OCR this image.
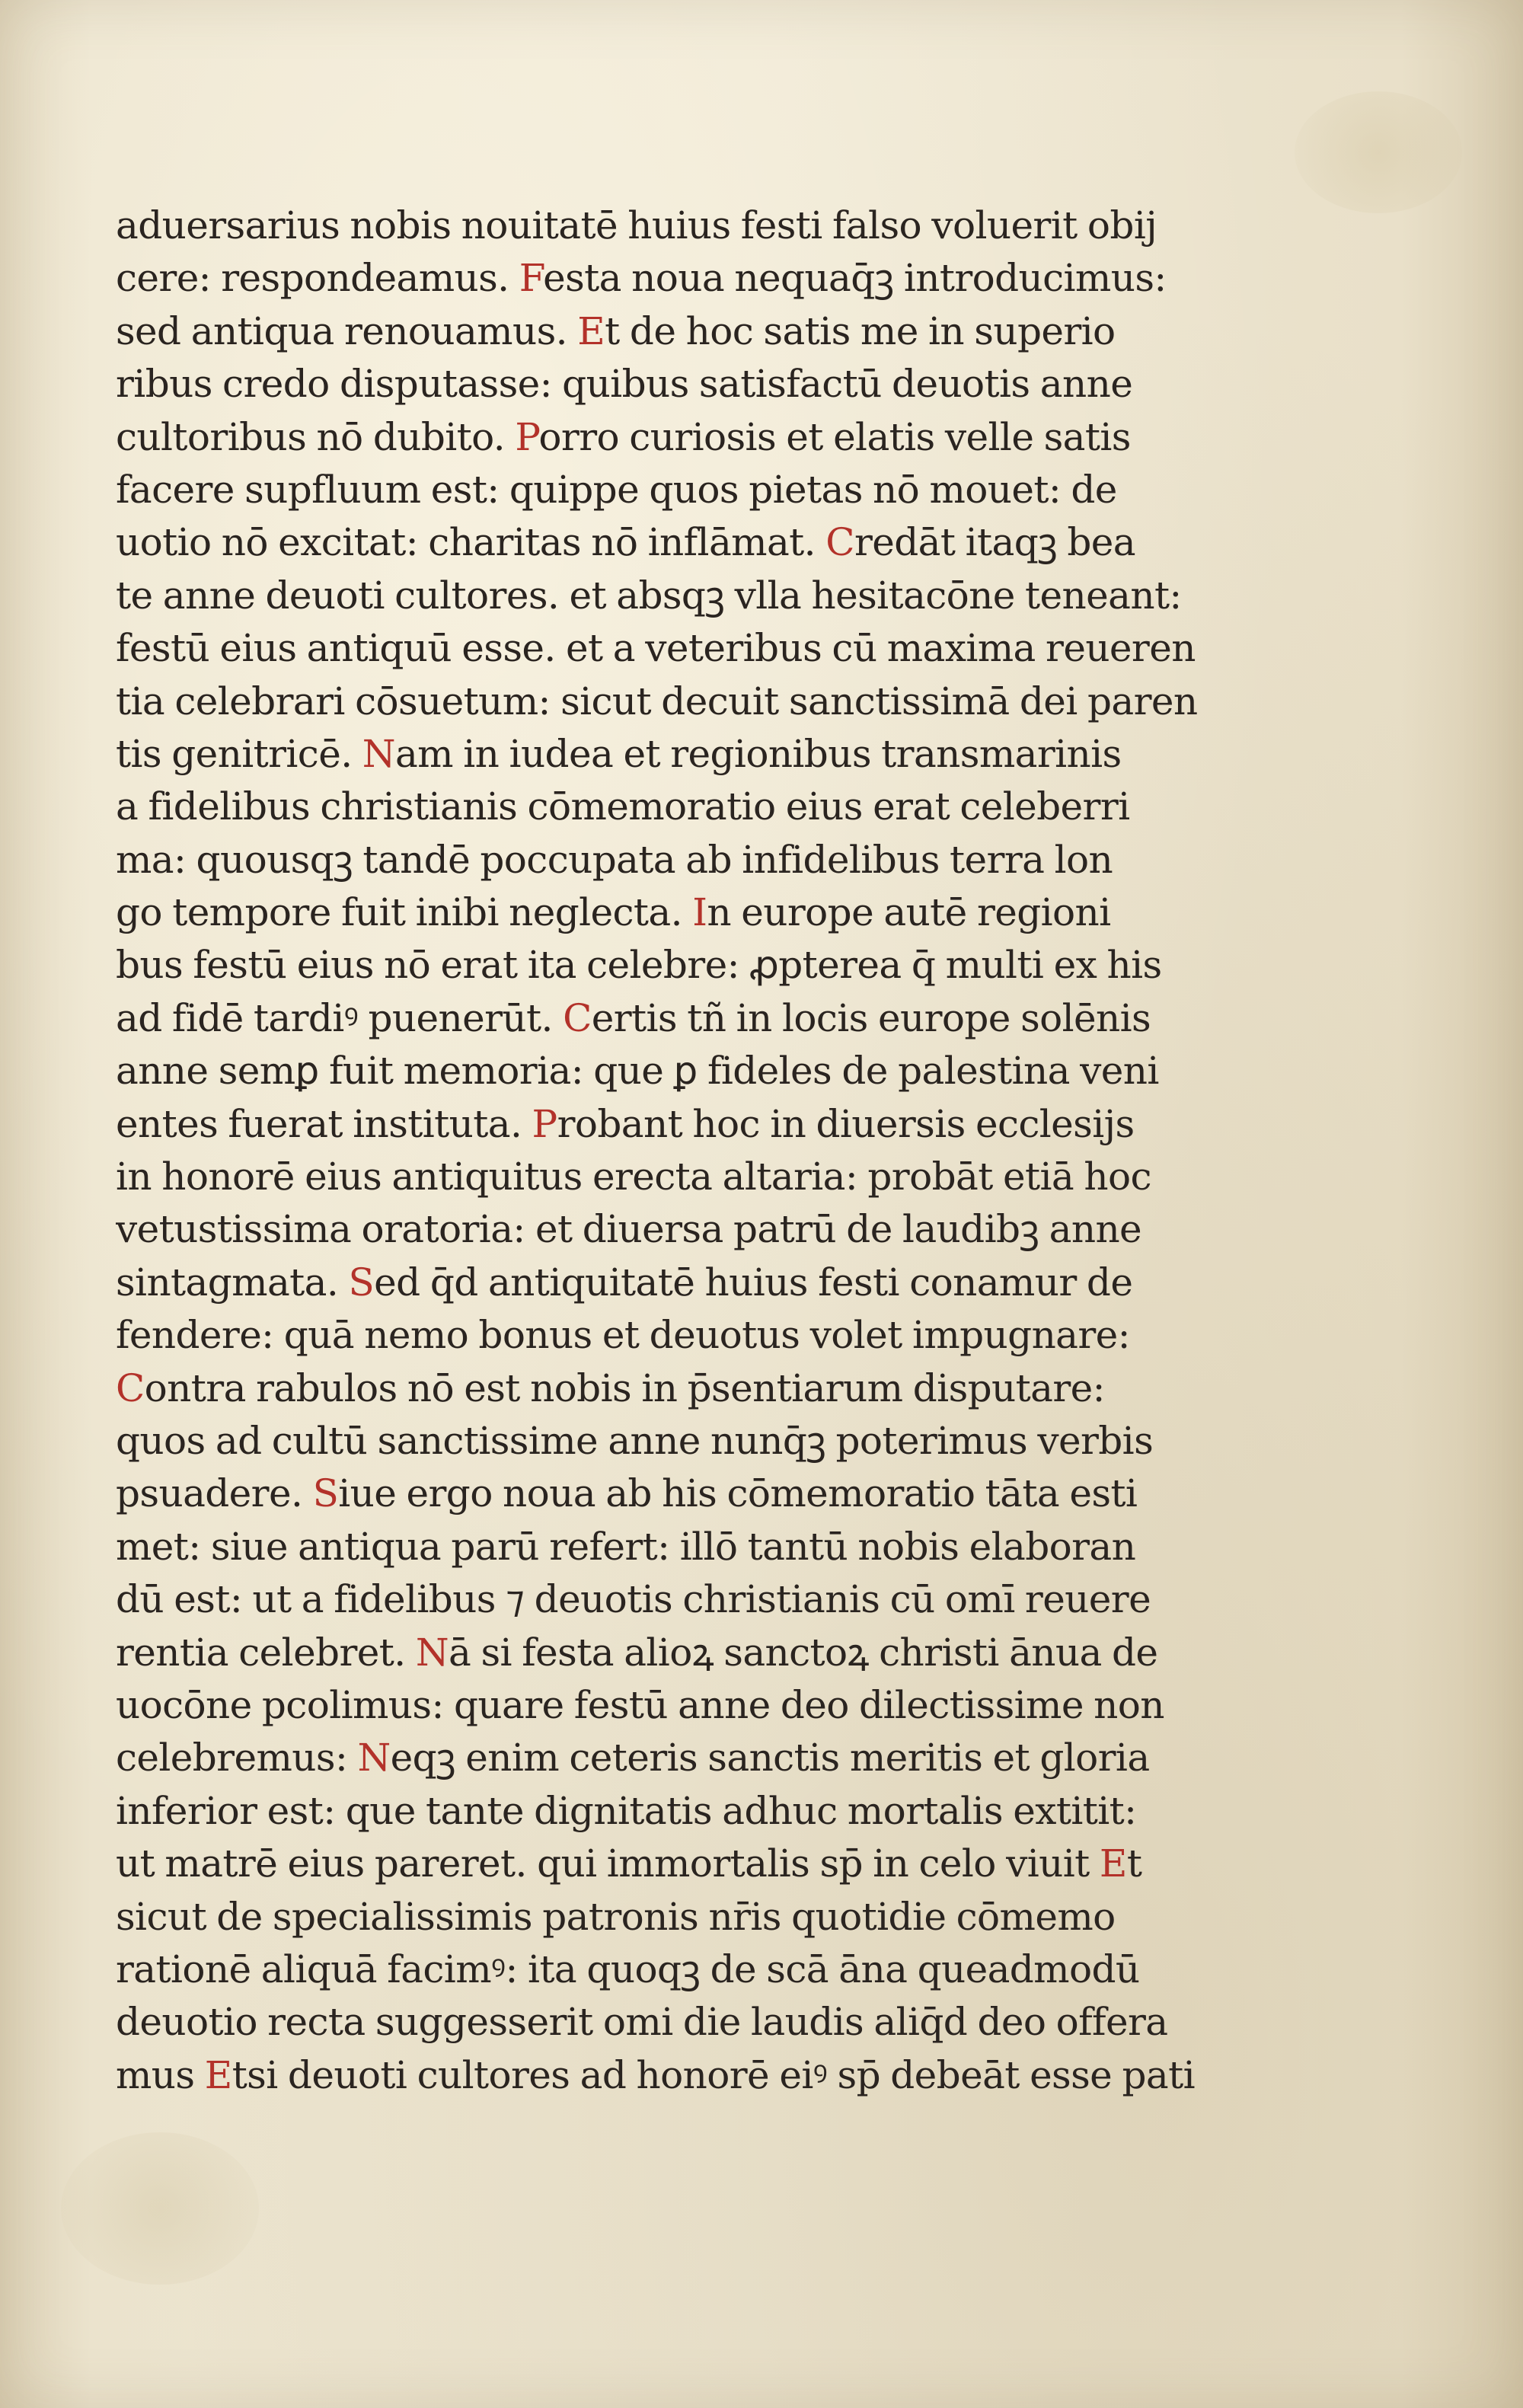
aduersarius nobis nouitatē huius festi falso voluerit obij
cere: respondeamus. Festa noua nequaq̄ꝫ introducimus:
sed antiqua renouamus. Et de hoc satis me in superio
ribus credo disputasse: quibus satisfactū deuotis anne
cultoribus nō dubito. Porro curiosis et elatis velle satis
facere supfluum est: quippe quos pietas nō mouet: de
uotio nō excitat: charitas nō inflāmat. Credāt itaqꝫ bea
te anne deuoti cultores. et absqꝫ vlla hesitacōne teneant:
festū eius antiquū esse. et a veteribus cū maxima reueren
tia celebrari cōsuetum: sicut decuit sanctissimā dei paren
tis genitricē. Nam in iudea et regionibus transmarinis
a fidelibus christianis cōmemoratio eius erat celeberri
ma: quousqꝫ tandē poccupata ab infidelibus terra lon
go tempore fuit inibi neglecta. In europe autē regioni
bus festū eius nō erat ita celebre: ꝓpterea q̄ multi ex his
ad fidē tardiꝰ puenerūt. Certis tñ in locis europe solēnis
anne semꝑ fuit memoria: que ꝑ fideles de palestina veni
entes fuerat instituta. Probant hoc in diuersis ecclesijs
in honorē eius antiquitus erecta altaria: probāt etiā hoc
vetustissima oratoria: et diuersa patrū de laudibꝫ anne
sintagmata. Sed q̄d antiquitatē huius festi conamur de
fendere: quā nemo bonus et deuotus volet impugnare:
Contra rabulos nō est nobis in p̄sentiarum disputare:
quos ad cultū sanctissime anne nunq̄ꝫ poterimus verbis
psuadere. Siue ergo noua ab his cōmemoratio tāta esti
met: siue antiqua parū refert: illō tantū nobis elaboran
dū est: ut a fidelibus ⁊ deuotis christianis cū omī reuere
rentia celebret. Nā si festa alioꝝ sanctoꝝ christi ānua de
uocōne pcolimus: quare festū anne deo dilectissime non
celebremus: Neqꝫ enim ceteris sanctis meritis et gloria
inferior est: que tante dignitatis adhuc mortalis extitit:
ut matrē eius pareret. qui immortalis sp̄ in celo viuit Et
sicut de specialissimis patronis nr̄is quotidie cōmemo
rationē aliquā facimꝰ: ita quoqꝫ de scā āna queadmodū
deuotio recta suggesserit omi die laudis aliq̄d deo offera
mus Etsi deuoti cultores ad honorē eiꝰ sp̄ debeāt esse pati
